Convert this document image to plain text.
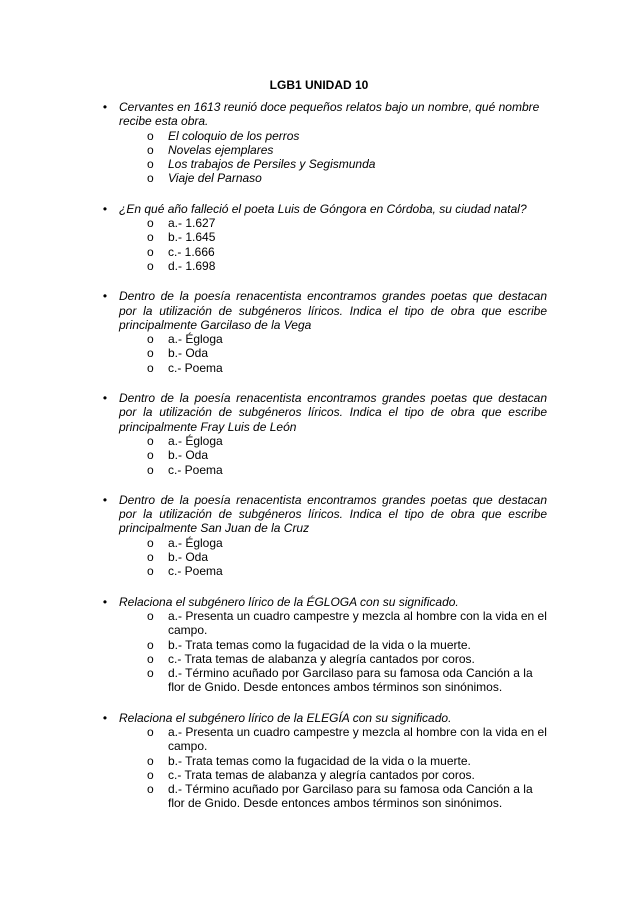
LGB1 UNIDAD 10
• Cervantes en 1613 reunió doce pequeños relatos bajo un nombre, qué nombre recibe esta obra.
o El coloquio de los perros
o Novelas ejemplares
o Los trabajos de Persiles y Segismunda
o Viaje del Parnaso
• ¿En qué año falleció el poeta Luis de Góngora en Córdoba, su ciudad natal?
o a.- 1.627
o b.- 1.645
o c.- 1.666
o d.- 1.698
• Dentro de la poesía renacentista encontramos grandes poetas que destacan por la utilización de subgéneros líricos. Indica el tipo de obra que escribe principalmente Garcilaso de la Vega
o a.- Égloga
o b.- Oda
o c.- Poema
• Dentro de la poesía renacentista encontramos grandes poetas que destacan por la utilización de subgéneros líricos. Indica el tipo de obra que escribe principalmente Fray Luis de León
o a.- Égloga
o b.- Oda
o c.- Poema
• Dentro de la poesía renacentista encontramos grandes poetas que destacan por la utilización de subgéneros líricos. Indica el tipo de obra que escribe principalmente San Juan de la Cruz
o a.- Égloga
o b.- Oda
o c.- Poema
• Relaciona el subgénero lírico de la ÉGLOGA con su significado.
o a.- Presenta un cuadro campestre y mezcla al hombre con la vida en el campo.
o b.- Trata temas como la fugacidad de la vida o la muerte.
o c.- Trata temas de alabanza y alegría cantados por coros.
o d.- Término acuñado por Garcilaso para su famosa oda Canción a la flor de Gnido. Desde entonces ambos términos son sinónimos.
• Relaciona el subgénero lírico de la ELEGÍA con su significado.
o a.- Presenta un cuadro campestre y mezcla al hombre con la vida en el campo.
o b.- Trata temas como la fugacidad de la vida o la muerte.
o c.- Trata temas de alabanza y alegría cantados por coros.
o d.- Término acuñado por Garcilaso para su famosa oda Canción a la flor de Gnido. Desde entonces ambos términos son sinónimos.
